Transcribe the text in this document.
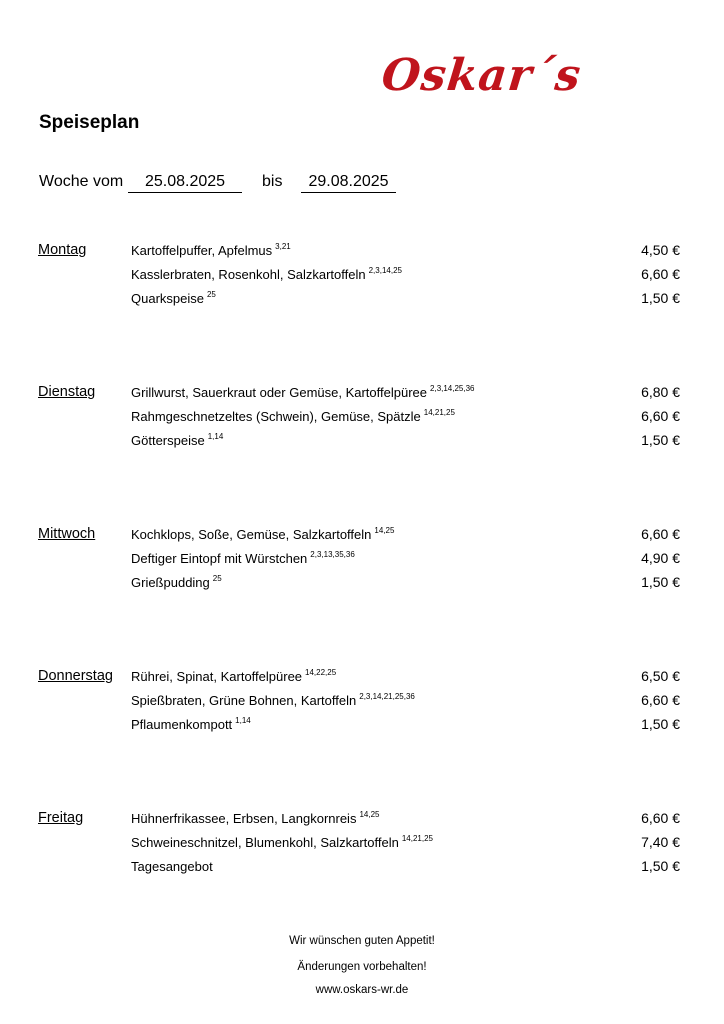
Oskar´s
Speiseplan
Woche vom	25.08.2025	bis	29.08.2025
Montag	Kartoffelpuffer, Apfelmus $^{3,21}$	4,50 €
Kasslerbraten, Rosenkohl, Salzkartoffeln $^{2,3,14,25}$	6,60 €
Quarkspeise $^{25}$	1,50 €
Dienstag	Grillwurst, Sauerkraut oder Gemüse, Kartoffelpüree $^{2,3,14,25,36}$	6,80 €
Rahmgeschnetzeltes (Schwein), Gemüse, Spätzle $^{14,21,25}$	6,60 €
Götterspeise $^{1,14}$	1,50 €
Mittwoch	Kochklops, Soße, Gemüse, Salzkartoffeln $^{14,25}$	6,60 €
Deftiger Eintopf mit Würstchen $^{2,3,13,35,36}$	4,90 €
Grießpudding $^{25}$	1,50 €
Donnerstag Rührei, Spinat, Kartoffelpüree $^{14,22,25}$	6,50 €
Spießbraten, Grüne Bohnen, Kartoffeln $^{2,3,14,21,25,36}$	6,60 €
Pflaumenkompott $^{1,14}$	1,50 €
Freitag	Hühnerfrikassee, Erbsen, Langkornreis $^{14,25}$	6,60 €
Schweineschnitzel, Blumenkohl, Salzkartoffeln $^{14,21,25}$	7,40 €
Tagesangebot	1,50 €
Wir wünschen guten Appetit!
Änderungen vorbehalten!
www.oskars-wr.de
